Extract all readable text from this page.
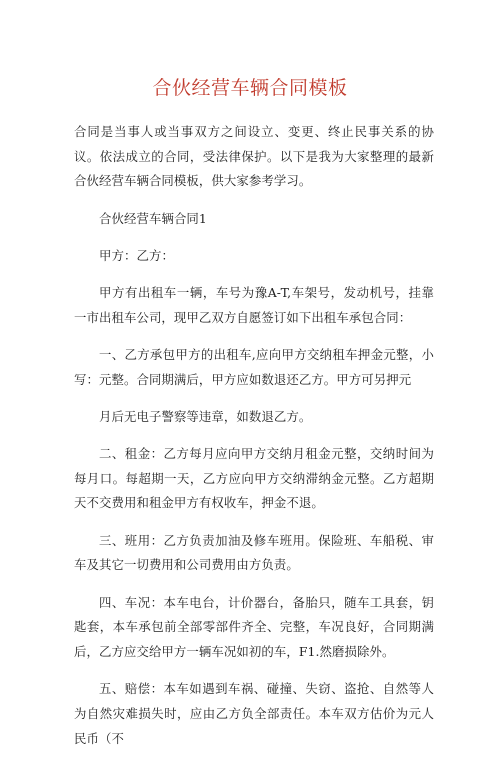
合伙经营车辆合同模板

合同是当事人或当事双方之间设立、变更、终止民事关系的协议。依法成立的合同，受法律保护。以下是我为大家整理的最新合伙经营车辆合同模板，供大家参考学习。

合伙经营车辆合同1

甲方：乙方：

甲方有出租车一辆，车号为豫A-T,车架号，发动机号，挂靠一市出租车公司，现甲乙双方自愿签订如下出租车承包合同：

一、乙方承包甲方的出租车,应向甲方交纳租车押金元整，小写：元整。合同期满后，甲方应如数退还乙方。甲方可另押元

月后无电子警察等违章，如数退乙方。

二、租金：乙方每月应向甲方交纳月租金元整，交纳时间为每月口。每超期一天，乙方应向甲方交纳滞纳金元整。乙方超期天不交费用和租金甲方有权收车，押金不退。

三、班用：乙方负责加油及修车班用。保险班、车船税、审车及其它一切费用和公司费用由方负责。

四、车况：本车电台，计价器台，备胎只，随车工具套，钥匙套，本车承包前全部零部件齐全、完整，车况良好，合同期满后，乙方应交给甲方一辆车况如初的车，F1.然磨损除外。

五、赔偿：本车如遇到车祸、碰撞、失窃、盗抢、自然等人为自然灾难损失时，应由乙方负全部责任。本车双方估价为元人民币（不
